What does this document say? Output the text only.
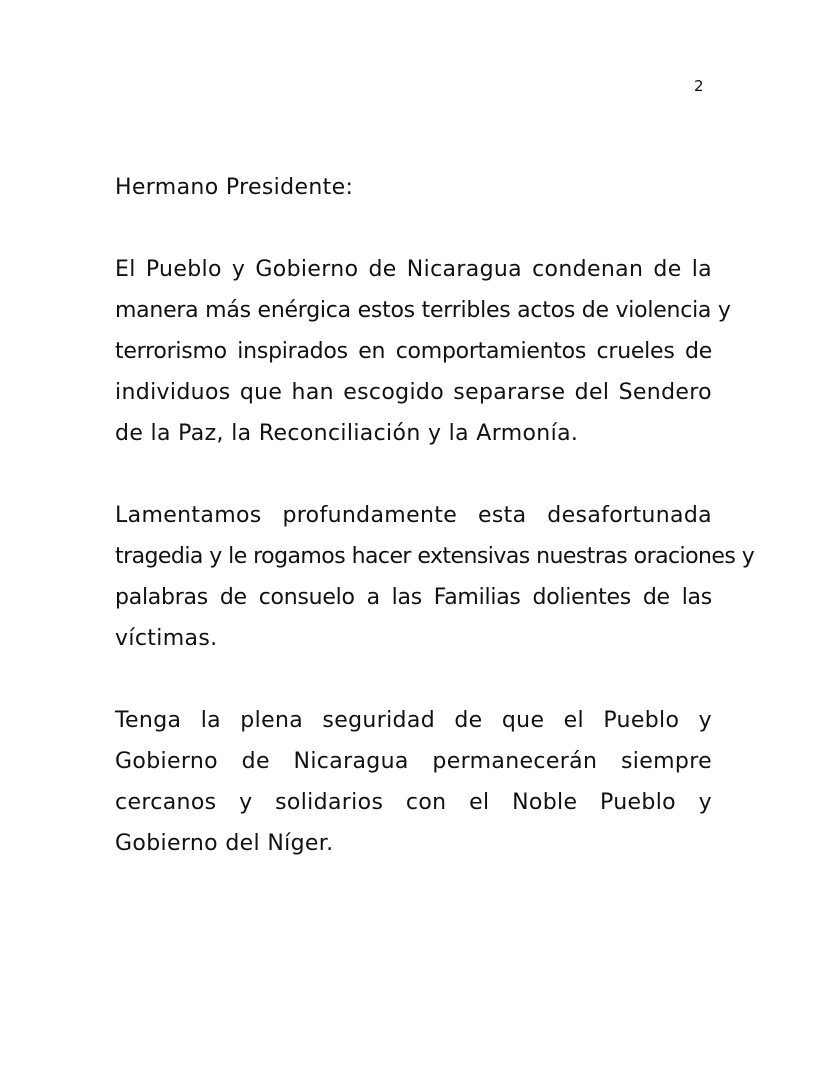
2
Hermano Presidente:
El Pueblo y Gobierno de Nicaragua condenan de la
manera más enérgica estos terribles actos de violencia y
terrorismo inspirados en comportamientos crueles de
individuos que han escogido separarse del Sendero
de la Paz, la Reconciliación y la Armonía.
Lamentamos profundamente esta desafortunada
tragedia y le rogamos hacer extensivas nuestras oraciones y
palabras de consuelo a las Familias dolientes de las
víctimas.
Tenga la plena seguridad de que el Pueblo y
Gobierno de Nicaragua permanecerán siempre
cercanos y solidarios con el Noble Pueblo y
Gobierno del Níger.
